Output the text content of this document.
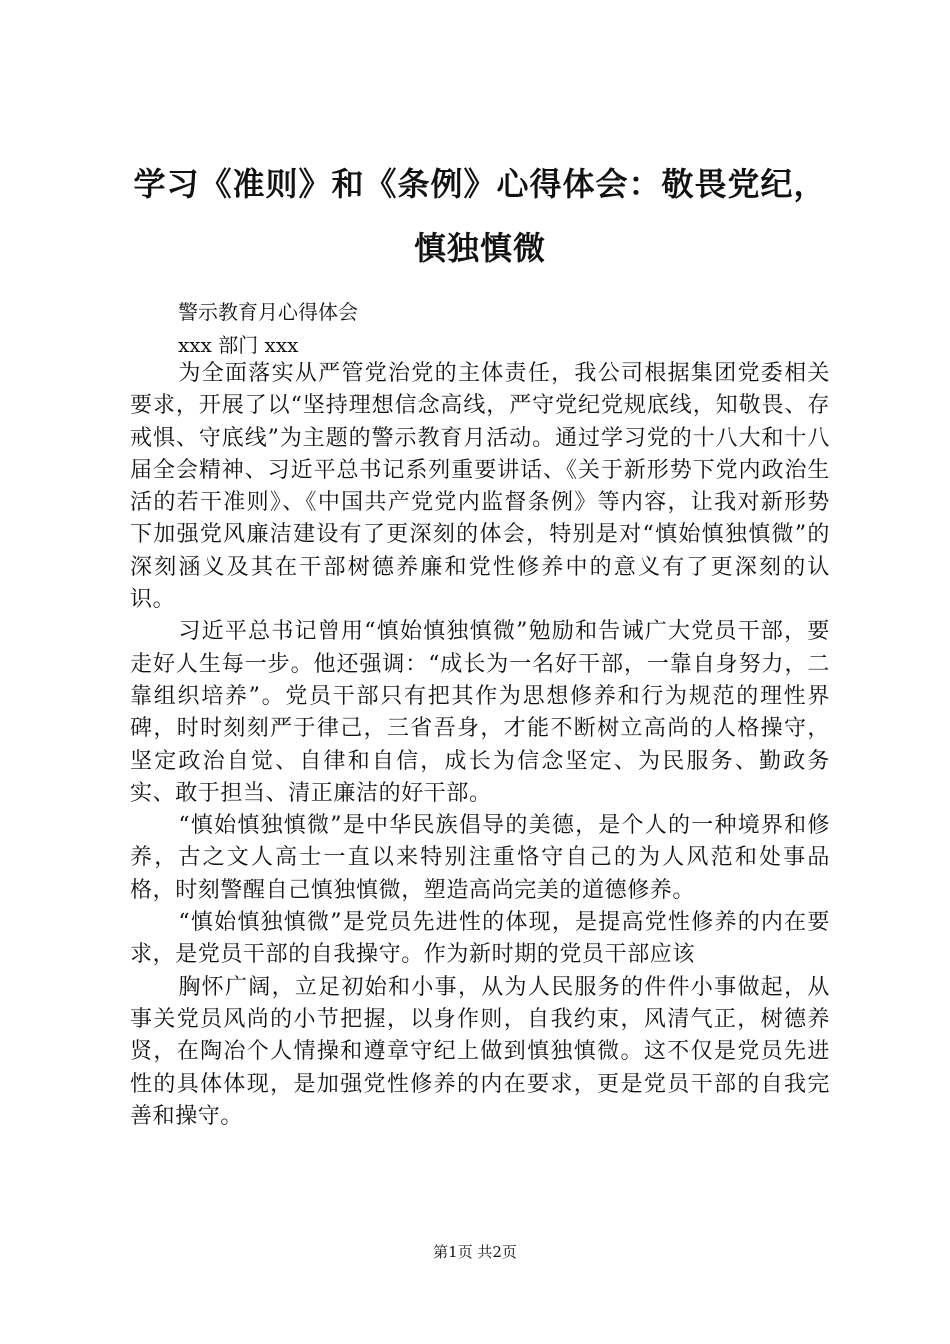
学习《准则》和《条例》心得体会：敬畏党纪，慎独慎微
警示教育月心得体会
xxx 部门 xxx

为全面落实从严管党治党的主体责任，我公司根据集团党委相关要求，开展了以“坚持理想信念高线，严守党纪党规底线，知敬畏、存戒惧、守底线”为主题的警示教育月活动。通过学习党的十八大和十八届全会精神、习近平总书记系列重要讲话、《关于新形势下党内政治生活的若干准则》、《中国共产党党内监督条例》等内容，让我对新形势下加强党风廉洁建设有了更深刻的体会，特别是对“慎始慎独慎微”的深刻涵义及其在干部树德养廉和党性修养中的意义有了更深刻的认识。

习近平总书记曾用“慎始慎独慎微”勉励和告诫广大党员干部，要走好人生每一步。他还强调：“成长为一名好干部，一靠自身努力，二靠组织培养”。党员干部只有把其作为思想修养和行为规范的理性界碑，时时刻刻严于律己，三省吾身，才能不断树立高尚的人格操守，坚定政治自觉、自律和自信，成长为信念坚定、为民服务、勤政务实、敢于担当、清正廉洁的好干部。

“慎始慎独慎微”是中华民族倡导的美德，是个人的一种境界和修养，古之文人高士一直以来特别注重恪守自己的为人风范和处事品格，时刻警醒自己慎独慎微，塑造高尚完美的道德修养。

“慎始慎独慎微”是党员先进性的体现，是提高党性修养的内在要求，是党员干部的自我操守。作为新时期的党员干部应该

胸怀广阔，立足初始和小事，从为人民服务的件件小事做起，从事关党员风尚的小节把握，以身作则，自我约束，风清气正，树德养贤，在陶冶个人情操和遵章守纪上做到慎独慎微。这不仅是党员先进性的具体体现，是加强党性修养的内在要求，更是党员干部的自我完善和操守。

第1页 共2页
